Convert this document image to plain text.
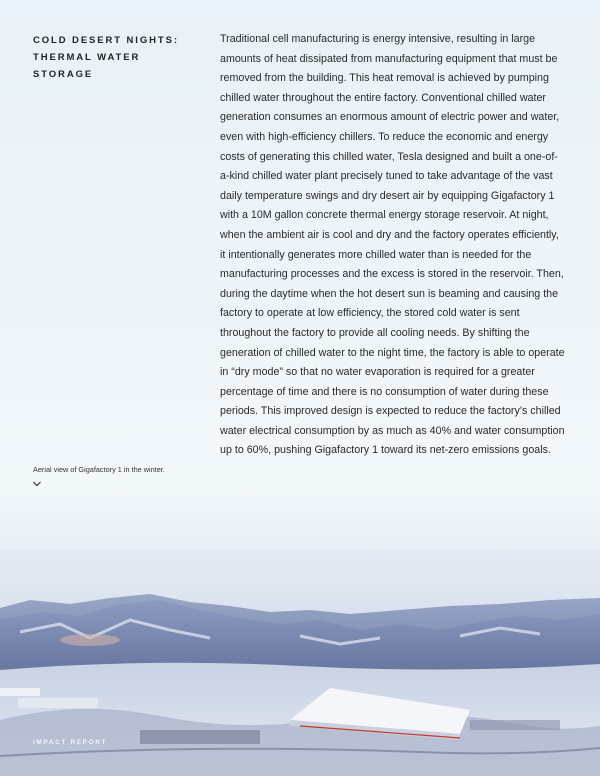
COLD DESERT NIGHTS: THERMAL WATER STORAGE

Traditional cell manufacturing is energy intensive, resulting in large amounts of heat dissipated from manufacturing equipment that must be removed from the building. This heat removal is achieved by pumping chilled water throughout the entire factory. Conventional chilled water generation consumes an enormous amount of electric power and water, even with high-efficiency chillers. To reduce the economic and energy costs of generating this chilled water, Tesla designed and built a one-of-a-kind chilled water plant precisely tuned to take advantage of the vast daily temperature swings and dry desert air by equipping Gigafactory 1 with a 10M gallon concrete thermal energy storage reservoir. At night, when the ambient air is cool and dry and the factory operates efficiently, it intentionally generates more chilled water than is needed for the manufacturing processes and the excess is stored in the reservoir. Then, during the daytime when the hot desert sun is beaming and causing the factory to operate at low efficiency, the stored cold water is sent throughout the factory to provide all cooling needs. By shifting the generation of chilled water to the night time, the factory is able to operate in “dry mode” so that no water evaporation is required for a greater percentage of time and there is no consumption of water during these periods. This improved design is expected to reduce the factory’s chilled water electrical consumption by as much as 40% and water consumption up to 60%, pushing Gigafactory 1 toward its net-zero emissions goals.

Aerial view of Gigafactory 1 in the winter.

IMPACT REPORT
